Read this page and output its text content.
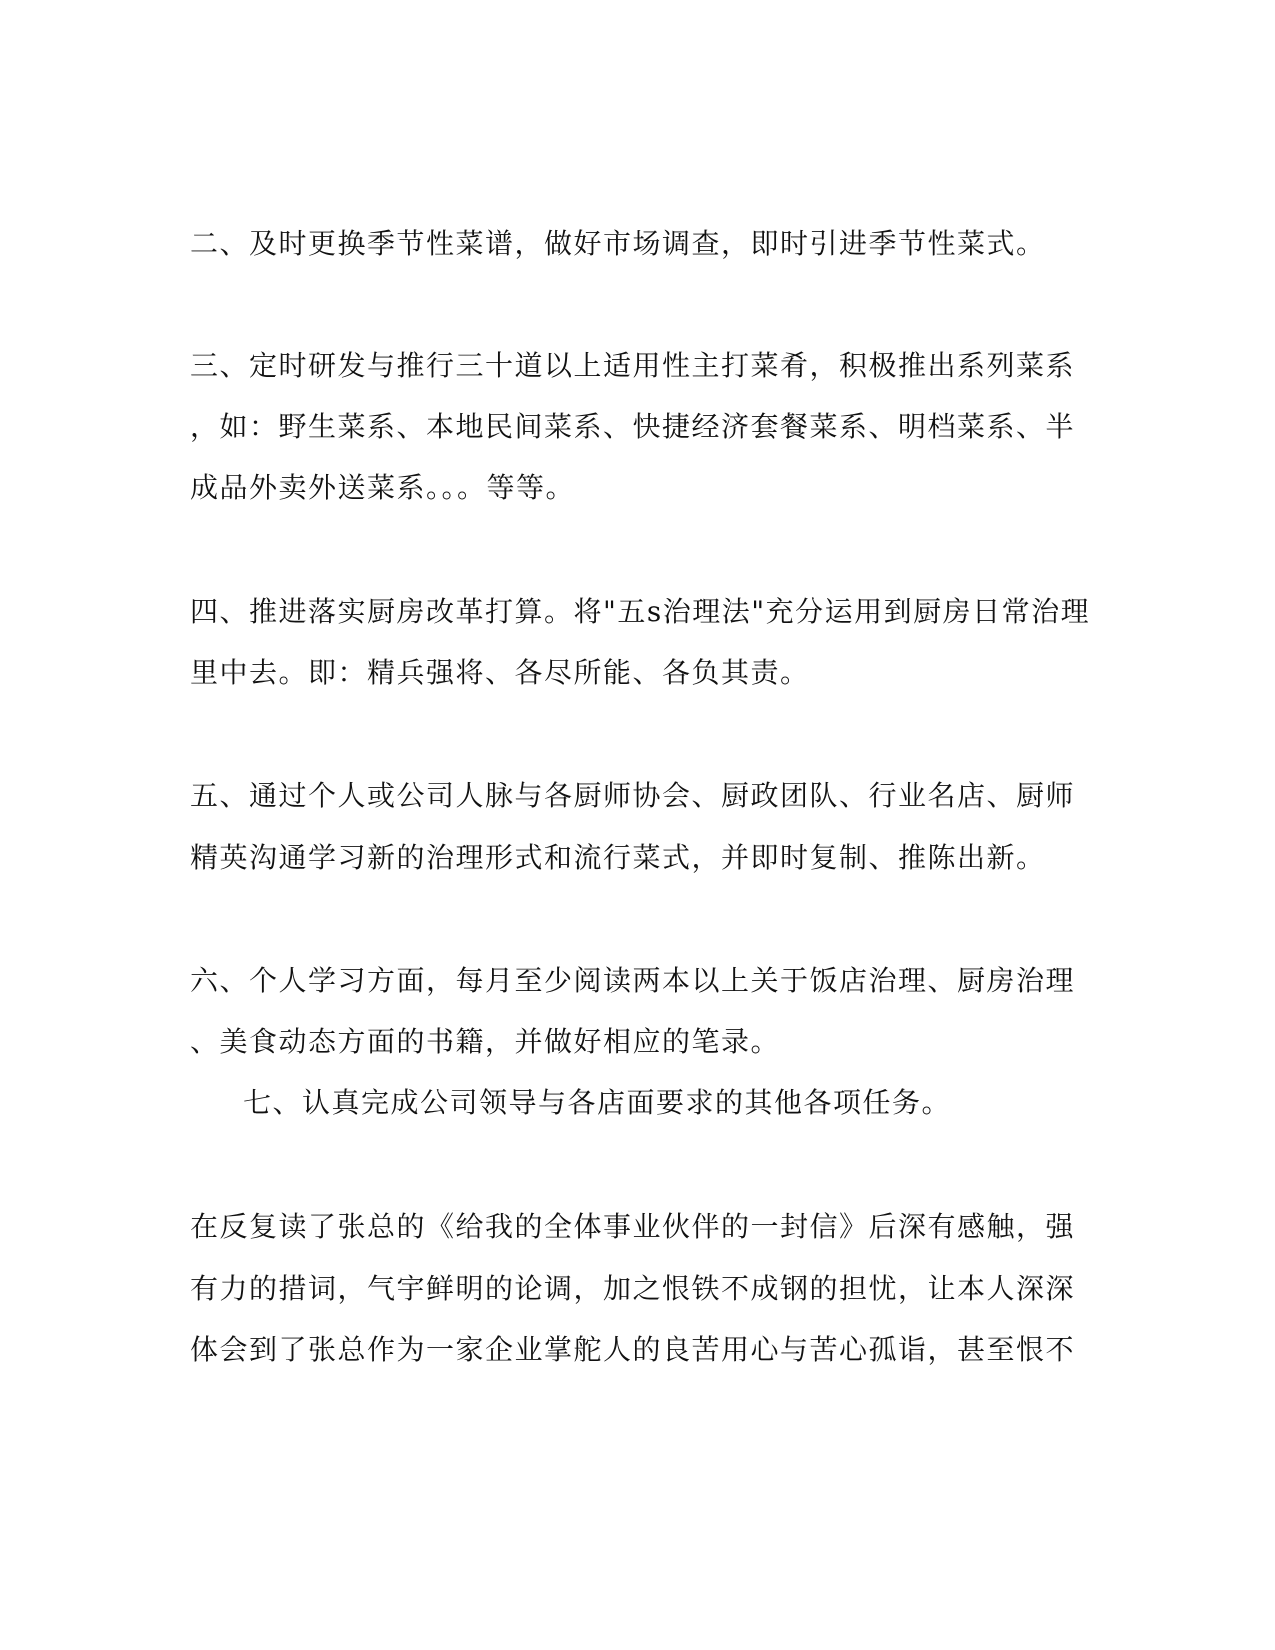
二、及时更换季节性菜谱，做好市场调查，即时引进季节性菜式。
三、定时研发与推行三十道以上适用性主打菜肴，积极推出系列菜系
，如：野生菜系、本地民间菜系、快捷经济套餐菜系、明档菜系、半
成品外卖外送菜系。。。等等。
四、推进落实厨房改革打算。将"五s治理法"充分运用到厨房日常治理
里中去。即：精兵强将、各尽所能、各负其责。
五、通过个人或公司人脉与各厨师协会、厨政团队、行业名店、厨师
精英沟通学习新的治理形式和流行菜式，并即时复制、推陈出新。
六、个人学习方面，每月至少阅读两本以上关于饭店治理、厨房治理
、美食动态方面的书籍，并做好相应的笔录。
七、认真完成公司领导与各店面要求的其他各项任务。
在反复读了张总的《给我的全体事业伙伴的一封信》后深有感触，强
有力的措词，气宇鲜明的论调，加之恨铁不成钢的担忧，让本人深深
体会到了张总作为一家企业掌舵人的良苦用心与苦心孤诣，甚至恨不
